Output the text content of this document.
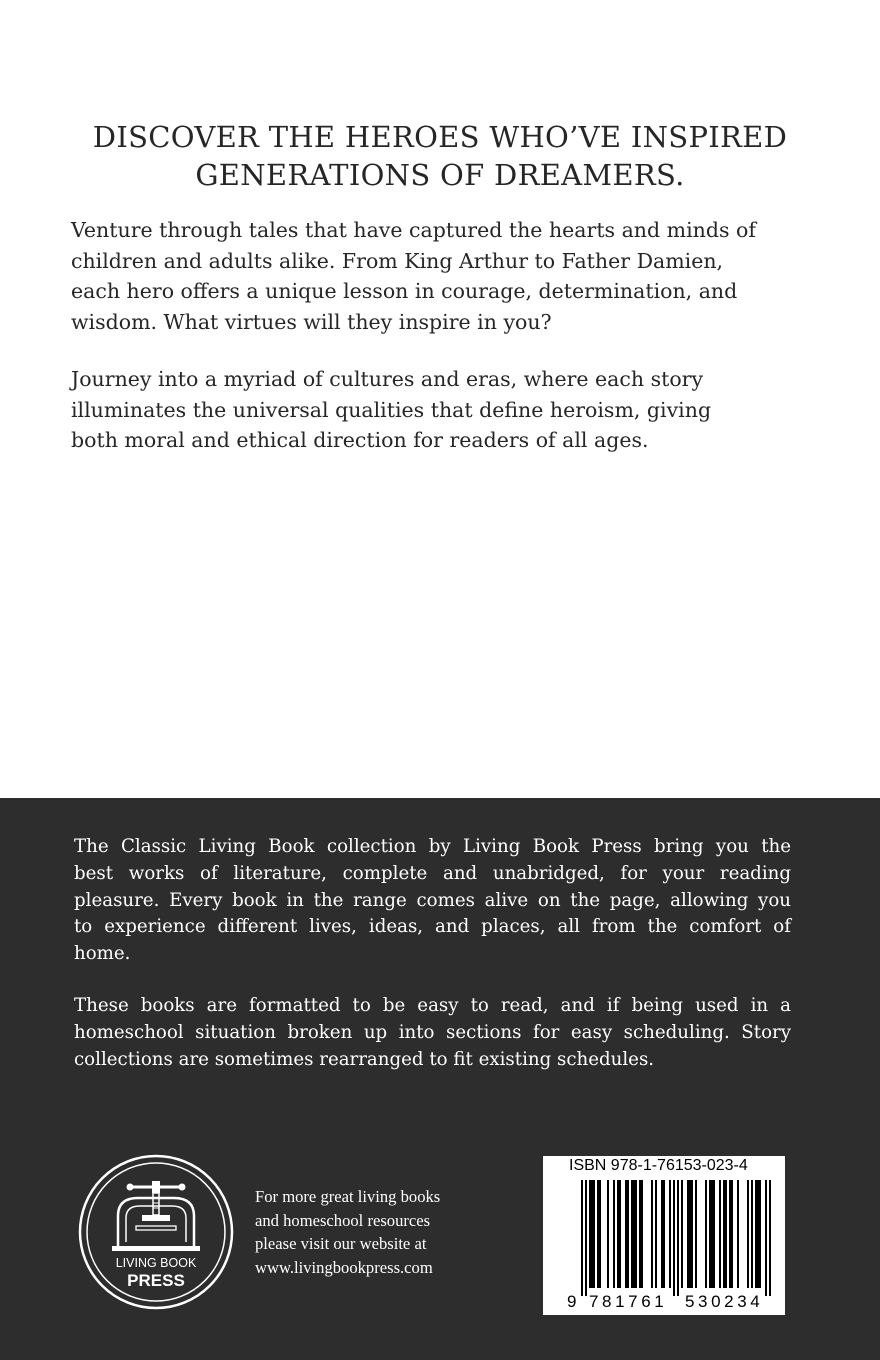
DISCOVER THE HEROES WHO’VE INSPIRED
GENERATIONS OF DREAMERS.
Venture through tales that have captured the hearts and minds of
children and adults alike. From King Arthur to Father Damien,
each hero offers a unique lesson in courage, determination, and
wisdom. What virtues will they inspire in you?
Journey into a myriad of cultures and eras, where each story
illuminates the universal qualities that define heroism, giving
both moral and ethical direction for readers of all ages.
The Classic Living Book collection by Living Book Press bring you the
best works of literature, complete and unabridged, for your reading
pleasure. Every book in the range comes alive on the page, allowing you
to experience different lives, ideas, and places, all from the comfort of
home.
These books are formatted to be easy to read, and if being used in a
homeschool situation broken up into sections for easy scheduling. Story
collections are sometimes rearranged to fit existing schedules.
LIVING BOOK
PRESS
For more great living books
and homeschool resources
please visit our website at
www.livingbookpress.com
ISBN 978-1-76153-023-4
9 781761 530234
